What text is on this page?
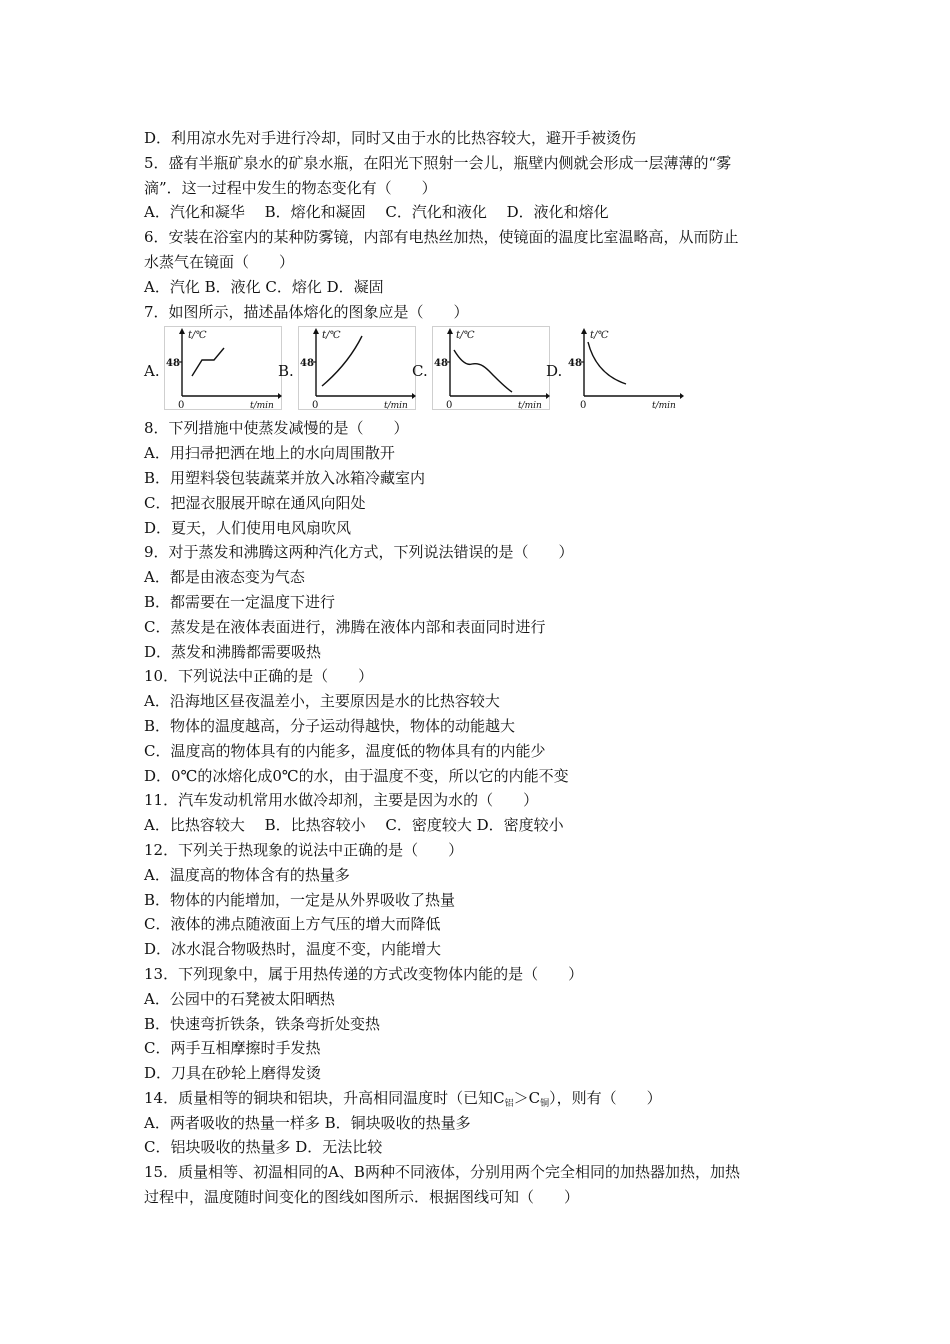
D．利用凉水先对手进行冷却，同时又由于水的比热容较大，避开手被烫伤
5．盛有半瓶矿泉水的矿泉水瓶，在阳光下照射一会儿，瓶壁内侧就会形成一层薄薄的“雾
滴”．这一过程中发生的物态变化有（　　）
A．汽化和凝华　 B．熔化和凝固　 C．汽化和液化　 D．液化和熔化
6．安装在浴室内的某种防雾镜，内部有电热丝加热，使镜面的温度比室温略高，从而防止
水蒸气在镜面（　　）
A．汽化 B．液化 C．熔化 D．凝固
7．如图所示，描述晶体熔化的图象应是（　　）
A. 48
t/℃
0	t/min
B. 48
t/℃
0	t/min
C. 48
t/℃
0	t/min
D. 48
t/℃
0	t/min
8．下列措施中使蒸发减慢的是（　　）
A．用扫帚把洒在地上的水向周围散开
B．用塑料袋包装蔬菜并放入冰箱冷藏室内
C．把湿衣服展开晾在通风向阳处
D．夏天，人们使用电风扇吹风
9．对于蒸发和沸腾这两种汽化方式，下列说法错误的是（　　）
A．都是由液态变为气态
B．都需要在一定温度下进行
C．蒸发是在液体表面进行，沸腾在液体内部和表面同时进行
D．蒸发和沸腾都需要吸热
10．下列说法中正确的是（　　）
A．沿海地区昼夜温差小，主要原因是水的比热容较大
B．物体的温度越高，分子运动得越快，物体的动能越大
C．温度高的物体具有的内能多，温度低的物体具有的内能少
D．0℃的冰熔化成0℃的水，由于温度不变，所以它的内能不变
11．汽车发动机常用水做冷却剂，主要是因为水的（　　）
A．比热容较大　 B．比热容较小　 C．密度较大 D．密度较小
12．下列关于热现象的说法中正确的是（　　）
A．温度高的物体含有的热量多
B．物体的内能增加，一定是从外界吸收了热量
C．液体的沸点随液面上方气压的增大而降低
D．冰水混合物吸热时，温度不变，内能增大
13．下列现象中，属于用热传递的方式改变物体内能的是（　　）
A．公园中的石凳被太阳晒热
B．快速弯折铁条，铁条弯折处变热
C．两手互相摩擦时手发热
D．刀具在砂轮上磨得发烫
14．质量相等的铜块和铝块，升高相同温度时（已知$C_铝>C_铜$），则有（　　）
A．两者吸收的热量一样多 B．铜块吸收的热量多
C．铝块吸收的热量多 D．无法比较
15．质量相等、初温相同的A、B两种不同液体，分别用两个完全相同的加热器加热，加热
过程中，温度随时间变化的图线如图所示．根据图线可知（　　）
